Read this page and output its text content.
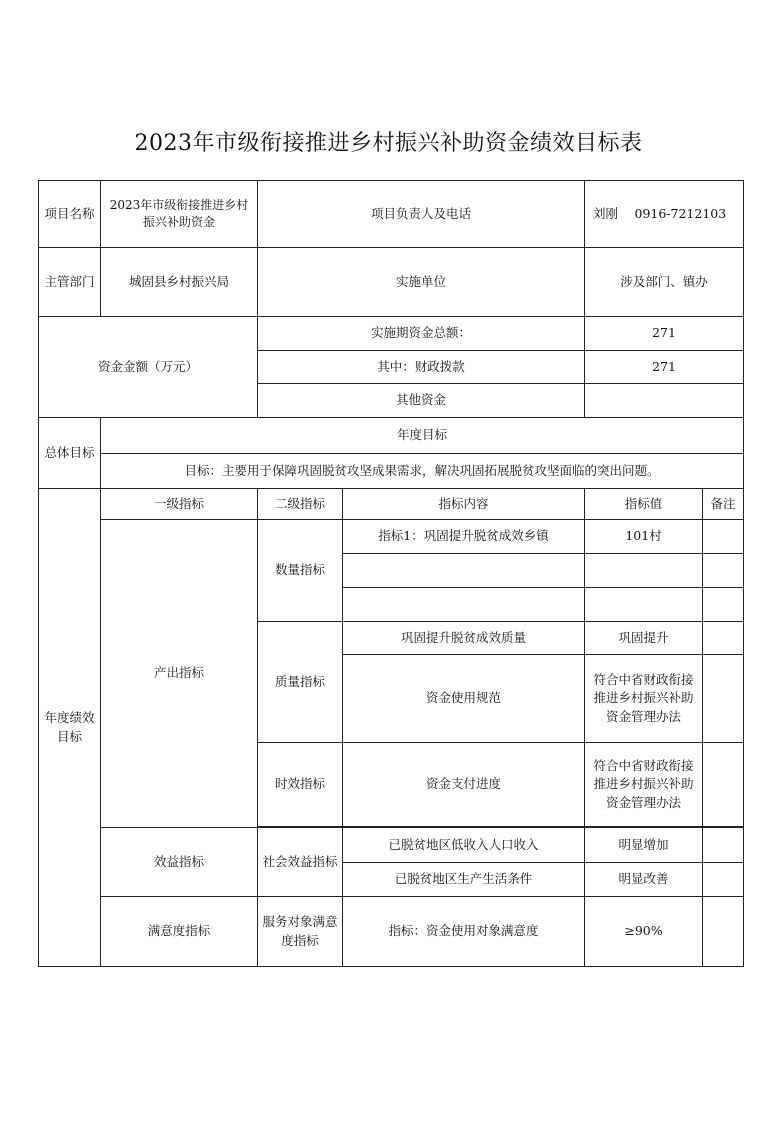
2023年市级衔接推进乡村振兴补助资金绩效目标表
项目名称	2023年市级衔接推进乡村振兴补助资金	项目负责人及电话		刘刚　 0916-7212103	
主管部门	城固县乡村振兴局	实施单位		涉及部门、镇办	
资金金额（万元）		实施期资金总额：		271	
		其中：财政拨款		271	
		其他资金			
总体目标	年度目标				
	目标：主要用于保障巩固脱贫攻坚成果需求，解决巩固拓展脱贫攻坚面临的突出问题。				
年度绩效目标	一级指标	二级指标	指标内容	指标值	备注
	产出指标	数量指标	指标1：巩固提升脱贫成效乡镇	101村	

		质量指标	巩固提升脱贫成效质量	巩固提升	
			资金使用规范	符合中省财政衔接推进乡村振兴补助资金管理办法	
		时效指标	资金支付进度	符合中省财政衔接推进乡村振兴补助资金管理办法	

	效益指标	社会效益指标	已脱贫地区低收入人口收入	明显增加	
			已脱贫地区生产生活条件	明显改善	
	满意度指标	服务对象满意度指标	指标：资金使用对象满意度	≥90%	
